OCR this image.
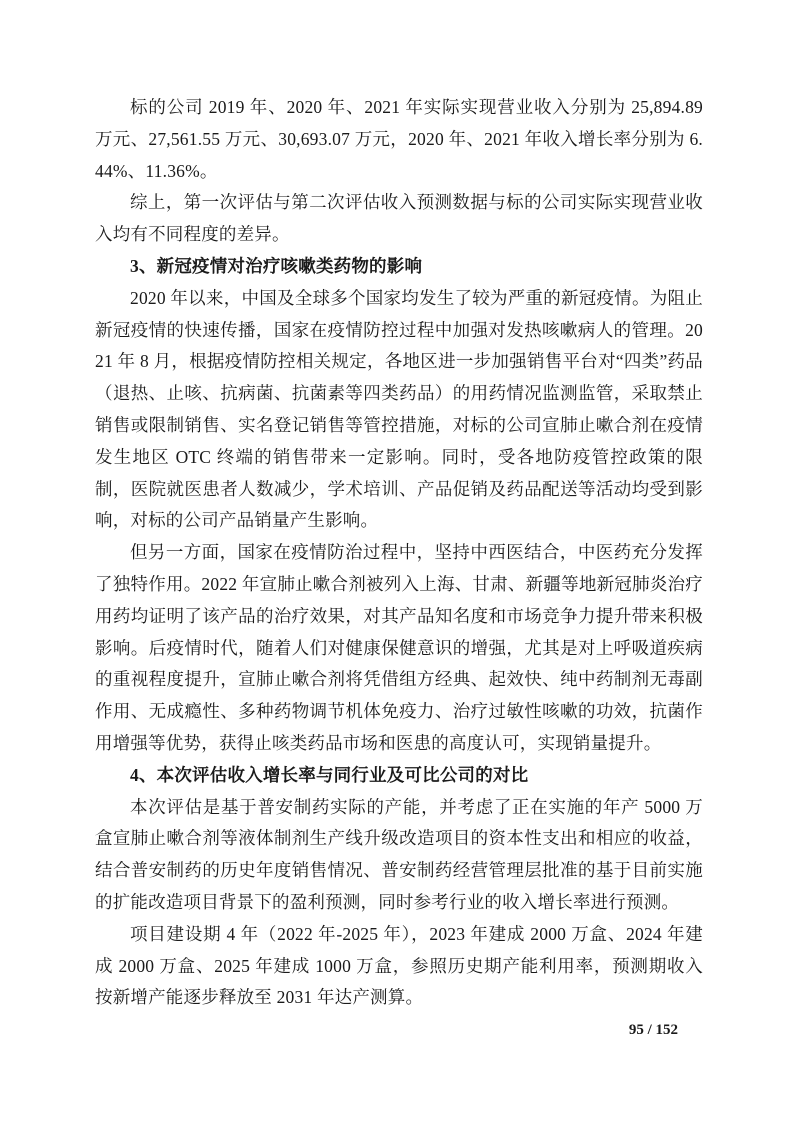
标的公司 2019 年、2020 年、2021 年实际实现营业收入分别为 25,894.89 万元、27,561.55 万元、30,693.07 万元，2020 年、2021 年收入增长率分别为 6.44%、11.36%。

综上，第一次评估与第二次评估收入预测数据与标的公司实际实现营业收入均有不同程度的差异。

3、新冠疫情对治疗咳嗽类药物的影响

2020 年以来，中国及全球多个国家均发生了较为严重的新冠疫情。为阻止新冠疫情的快速传播，国家在疫情防控过程中加强对发热咳嗽病人的管理。2021 年 8 月，根据疫情防控相关规定，各地区进一步加强销售平台对“四类”药品（退热、止咳、抗病菌、抗菌素等四类药品）的用药情况监测监管，采取禁止销售或限制销售、实名登记销售等管控措施，对标的公司宣肺止嗽合剂在疫情发生地区 OTC 终端的销售带来一定影响。同时，受各地防疫管控政策的限制，医院就医患者人数减少，学术培训、产品促销及药品配送等活动均受到影响，对标的公司产品销量产生影响。

但另一方面，国家在疫情防治过程中，坚持中西医结合，中医药充分发挥了独特作用。2022 年宣肺止嗽合剂被列入上海、甘肃、新疆等地新冠肺炎治疗用药均证明了该产品的治疗效果，对其产品知名度和市场竞争力提升带来积极影响。后疫情时代，随着人们对健康保健意识的增强，尤其是对上呼吸道疾病的重视程度提升，宣肺止嗽合剂将凭借组方经典、起效快、纯中药制剂无毒副作用、无成瘾性、多种药物调节机体免疫力、治疗过敏性咳嗽的功效，抗菌作用增强等优势，获得止咳类药品市场和医患的高度认可，实现销量提升。

4、本次评估收入增长率与同行业及可比公司的对比

本次评估是基于普安制药实际的产能，并考虑了正在实施的年产 5000 万盒宣肺止嗽合剂等液体制剂生产线升级改造项目的资本性支出和相应的收益，结合普安制药的历史年度销售情况、普安制药经营管理层批准的基于目前实施的扩能改造项目背景下的盈利预测，同时参考行业的收入增长率进行预测。

项目建设期 4 年（2022 年-2025 年），2023 年建成 2000 万盒、2024 年建成 2000 万盒、2025 年建成 1000 万盒，参照历史期产能利用率，预测期收入按新增产能逐步释放至 2031 年达产测算。

95 / 152
